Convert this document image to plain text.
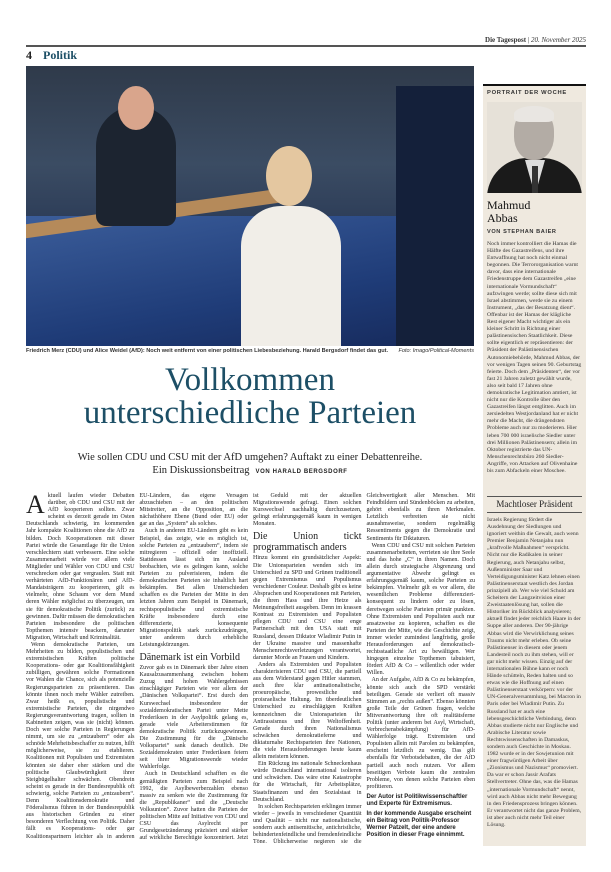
Die Tagespost | 20. November 2025
4 Politik
Friedrich Merz (CDU) und Alice Weidel (AfD): Noch weit entfernt von einer politischen Liebesbeziehung. Harald Bergsdorf findet das gut.	Foto: Imago/Political-Moments
Vollkommen
unterschiedliche Parteien
Wie sollen CDU und CSU mit der AfD umgehen? Auftakt zu einer Debattenreihe.
Ein Diskussionsbeitrag VON HARALD BERGSDORF

Aktuell laufen wieder Debatten darüber, ob CDU und CSU mit der AfD kooperieren sollten. Zwar scheint es derzeit gerade im Osten Deutschlands schwierig, im kommenden Jahr kompakte Koalitionen ohne die AfD zu bilden. Doch Kooperationen mit dieser Partei würde die Gesamtlage für die Union verschlechtern statt verbessern. Eine solche Zusammenarbeit würde vor allem viele Mitglieder und Wähler von CDU und CSU verschrecken oder gar vergraulen. Statt mit verhärteten AfD-Funktionären und AfD-Mandatsträgern zu kooperieren, gilt es vielmehr, ohne Schaum vor dem Mund deren Wähler möglichst zu überzeugen, um sie für demokratische Politik (zurück) zu gewinnen. Dafür müssen die demokratischen Parteien insbesondere die politischen Topthemen intensiv beackern, darunter Migration, Wirtschaft und Kriminalität.

Wenn demokratische Parteien, um Mehrheiten zu bilden, populistischen und extremistischen Kräften politische Kooperations- oder gar Koalitionsfähigkeit zubilligen, gewähren solche Formationen vor Wahlen die Chance, sich als potenzielle Regierungsparteien zu präsentieren. Das könnte ihnen noch mehr Wähler zutreiben. Zwar heißt es, populistische und extremistische Parteien, die nirgendwo Regierungsverantwortung tragen, sollten in Kabinetten zeigen, was sie (nicht) können. Doch wer solche Parteien in Regierungen nimmt, um sie zu „entzaubern“ oder als schnöde Mehrheitsbeschaffer zu nutzen, hilft möglicherweise, sie zu etablieren. Koalitionen mit Populisten und Extremisten könnten sie daher eher stärken und die politische Glaubwürdigkeit ihrer Steigbügelhalter schwächen. Obendrein scheint es gerade in der Bundesrepublik oft schwierig, solche Parteien zu „entzaubern“. Denn Koalitionsdemokratie und Föderalismus führen in der Bundesrepublik aus historischen Gründen zu einer besonderen Verflechtung von Politik. Daher fällt es Kooperations- oder gar Koalitionspartnern leichter als in anderen EU-Ländern, das eigene Versagen abzuschieben – an den politischen Mitstreiter, an die Opposition, an die nächsthöhere Ebene (Bund oder EU) oder gar an das „System“ als solches.

Auch in anderen EU-Ländern gibt es kein Beispiel, das zeigte, wie es möglich ist, solche Parteien zu „entzaubern“, indem sie mitregieren – offiziell oder inoffiziell. Stattdessen lässt sich im Ausland beobachten, wie es gelingen kann, solche Parteien zu pulverisieren, indem die demokratischen Parteien sie inhaltlich hart bekämpfen. Bei allen Unterschieden schaffen es die Parteien der Mitte in den letzten Jahren zum Beispiel in Dänemark, rechtspopulistische und extremistische Kräfte insbesondere durch eine differenzierte, konsequente Migrationspolitik stark zurückzudrängen, unter anderem durch erhebliche Leistungskürzungen.

Dänemark ist ein Vorbild

Zuvor gab es in Dänemark über Jahre einen Kausalzusammenhang zwischen hohem Zuzug und hohen Wahlergebnissen einschlägiger Parteien wie vor allem der „Dänischen Volkspartei“. Erst durch den Kurswechsel insbesondere der sozialdemokratischen Partei unter Mette Frederiksen in der Asylpolitik gelang es, gerade viele Arbeiterstimmen für demokratische Politik zurückzugewinnen. Die Zustimmung für die „Dänische Volkspartei“ sank danach deutlich. Die Sozialdemokraten unter Frederiksen feiern seit ihrer Migrationswende wieder Wahlerfolge.

Auch in Deutschland schafften es die gemäßigten Parteien zum Beispiel nach 1992, die Asylbewerberzahlen ebenso massiv zu senken wie die Zustimmung für die „Republikaner“ und die „Deutsche Volksunion“. Zuvor hatten die Parteien der politischen Mitte auf Initiative von CDU und CSU das Asylrecht per Grundgesetzänderung präzisiert und stärker auf wirkliche Berechtigte konzentriert. Jetzt ist Geduld mit der aktuellen Migrationswende gefragt. Einen solchen Kurswechsel nachhaltig durchzusetzen, gelingt erfahrungsgemäß kaum in wenigen Monaten.

Die Union tickt programmatisch anders

Hinzu kommt ein grundsätzlicher Aspekt: Die Unionsparteien wenden sich im Unterschied zu SPD und Grünen traditionell gegen Extremismus und Populismus verschiedener Couleur. Deshalb gibt es keine Absprachen und Kooperationen mit Parteien, die ihren Hass und ihre Hetze als Meinungsfreiheit ausgeben. Denn im krassen Kontrast zu Extremisten und Populisten pflegen CDU und CSU eine enge Partnerschaft mit den USA statt mit Russland, dessen Diktator Wladimir Putin in der Ukraine massive und massenhafte Menschenrechtsverletzungen verantwortet, darunter Morde an Frauen und Kindern.

Anders als Extremisten und Populisten charakterisieren CDU und CSU, die partiell aus dem Widerstand gegen Hitler stammen, auch ihre klar antinationalistische, proeuropäische, prowestliche und proisraelische Haltung. Im überdeutlichen Unterschied zu einschlägigen Kräften kennzeichnen die Unionsparteien ihr Antirassismus und ihre Weltoffenheit. Gerade durch ihren Nationalismus schwächen demokratieferne und diktaturnahe Rechtsparteien ihre Nationen, die viele Herausforderungen heute kaum allein meistern können.

Ein Rückzug ins nationale Schneckenhaus würde Deutschland international isolieren und schwächen. Das wäre eine Katastrophe für die Wirtschaft, für Arbeitsplätze, Staatsfinanzen und den Sozialstaat in Deutschland.

In solchen Rechtsparteien erklingen immer wieder – jeweils in verschiedener Quantität und Qualität – nicht nur nationalistische, sondern auch antisemitische, antichristliche, behindertenfeindliche und fremdenfeindliche Töne. Üblicherweise negieren sie die Gleichwertigkeit aller Menschen. Mit Feindbildern und Sündenböcken zu arbeiten, gehört ebenfalls zu ihren Merkmalen. Letztlich verbreiten sie nicht ausnahmsweise, sondern regelmäßig Ressentiments gegen die Demokratie und Sentiments für Diktaturen.

Wenn CDU und CSU mit solchen Parteien zusammenarbeiteten, verrieten sie ihre Seele und das hohe „C“ in ihren Namen. Doch allein durch strategische Abgrenzung und argumentative Abwehr gelingt es erfahrungsgemäß kaum, solche Parteien zu bekämpfen. Vielmehr gilt es vor allem, die wesentlichen Probleme differenziert-konsequent zu lindern oder zu lösen, deretwegen solche Parteien primär punkten. Ohne Extremisten und Populisten auch nur ansatzweise zu kopieren, schaffen es die Parteien der Mitte, wie die Geschichte zeigt, immer wieder zumindest langfristig, große Herausforderungen auf demokratisch-rechtsstaatliche Art zu bewältigen. Wer hingegen einzelne Topthemen tabuisiert, fördert AfD & Co – willentlich oder wider Willen.

An der Aufgabe, AfD & Co zu bekämpfen, könnte sich auch die SPD verstärkt beteiligen. Gerade sie verliert oft massiv Stimmen an „rechts außen“. Ebenso könnten große Teile der Grünen fragen, welche Mitverantwortung ihre oft realitätsferne Politik (unter anderem bei Asyl, Wirtschaft, Verbrechensbekämpfung) für AfD-Wählerfolge trägt. Extremisten und Populisten allein mit Parolen zu bekämpfen, erscheint letztlich zu wenig. Das gilt ebenfalls für Verbotsdebatten, die der AfD partiell auch noch nutzen. Vor allem beseitigen Verbote kaum die zentralen Probleme, von denen solche Parteien eben profitieren.

Der Autor ist Politikwissenschaftler und Experte für Extremismus.

In der kommende Ausgabe erscheint ein Beitrag von Politik-Professor Werner Patzelt, der eine andere Position in dieser Frage einnimmt.

PORTRAIT DER WOCHE
Mahmud
Abbas
VON STEPHAN BAIER
Noch immer kontrolliert die Hamas die Hälfte des Gazastreifens, und ihre Entwaffnung hat noch nicht einmal begonnen. Die Terrororganisation warnt davor, dass eine internationale Friedenstruppe dem Gazastreifen „eine internationale Vormundschaft“ aufzwingen werde; sollte diese sich mit Israel abstimmen, werde sie zu einem Instrument, „das der Besatzung dient“. Offenbar ist der Hamas der klägliche Rest eigener Macht wichtiger als ein kleiner Schritt in Richtung einer palästinensischen Staatlichkeit. Diese sollte eigentlich er repräsentieren: der Präsident der Palästinensischen Autonomiebehörde, Mahmud Abbas, der vor wenigen Tagen seinen 90. Geburtstag feierte. Doch dem „Präsidenten“, der vor fast 21 Jahren zuletzt gewählt wurde, also seit bald 17 Jahren ohne demokratische Legitimation amtiert, ist nicht nur die Kontrolle über den Gazastreifen längst entglitten. Auch im zersiedelten Westjordanland hat er nicht mehr die Macht, die drängendsten Probleme auch nur zu moderieren. Hier leben 700 000 israelische Siedler unter drei Millionen Palästinensern; allein im Oktober registrierte das UN-Menschenrechtsbüro 260 Siedler-Angriffe, von Attacken auf Olivenhaine bis zum Abfackeln einer Moschee.
Machtloser Präsident
Israels Regierung fördert die Ausdehnung der Siedlungen und ignoriert weithin die Gewalt, auch wenn Premier Benjamin Netanjahu nun „kraftvolle Maßnahmen“ verspricht. Nicht nur die Radikalen in seiner Regierung, auch Netanjahu selbst, Außenminister Saar und Verteidigungsminister Katz lehnen einen Palästinenserstaat westlich des Jordan prinzipiell ab. Wer wie viel Schuld am Scheitern der Langzeitvision einer Zweistaatenlösung hat, sollen die Historiker im Rückblick analysieren; aktuell findet jeder reichlich Haare in der Suppe aller anderen. Der 90-jährige Abbas wird die Verwirklichung seines Traums nicht mehr erleben. Ob seine Palästinenser in diesem oder jenem Landesteil noch zu ihm stehen, will er gar nicht mehr wissen. Einzig auf der internationalen Bühne kann er noch Hände schütteln, Reden halten und so etwas wie die Hoffnung auf einen Palästinenserstaat verkörpern: vor der UN-Generalversammlung, bei Macron in Paris oder bei Wladimir Putin. Zu Russland hat er auch eine lebensgeschichtliche Verbindung, denn Abbas studierte nicht nur Englische und Arabische Literatur sowie Rechtswissenschaften in Damaskus, sondern auch Geschichte in Moskau. 1982 wurde er in der Sowjetunion mit einer fragwürdigen Arbeit über „Zionismus und Nazismus“ promoviert. Da war er schon Jassir Arafats Stellvertreter. Ohne das, was die Hamas „internationale Vormundschaft“ nennt, wird auch Abbas nicht mehr Bewegung in den Friedensprozess bringen können. Er verantwortet nicht das ganze Problem, ist aber auch nicht mehr Teil einer Lösung.
